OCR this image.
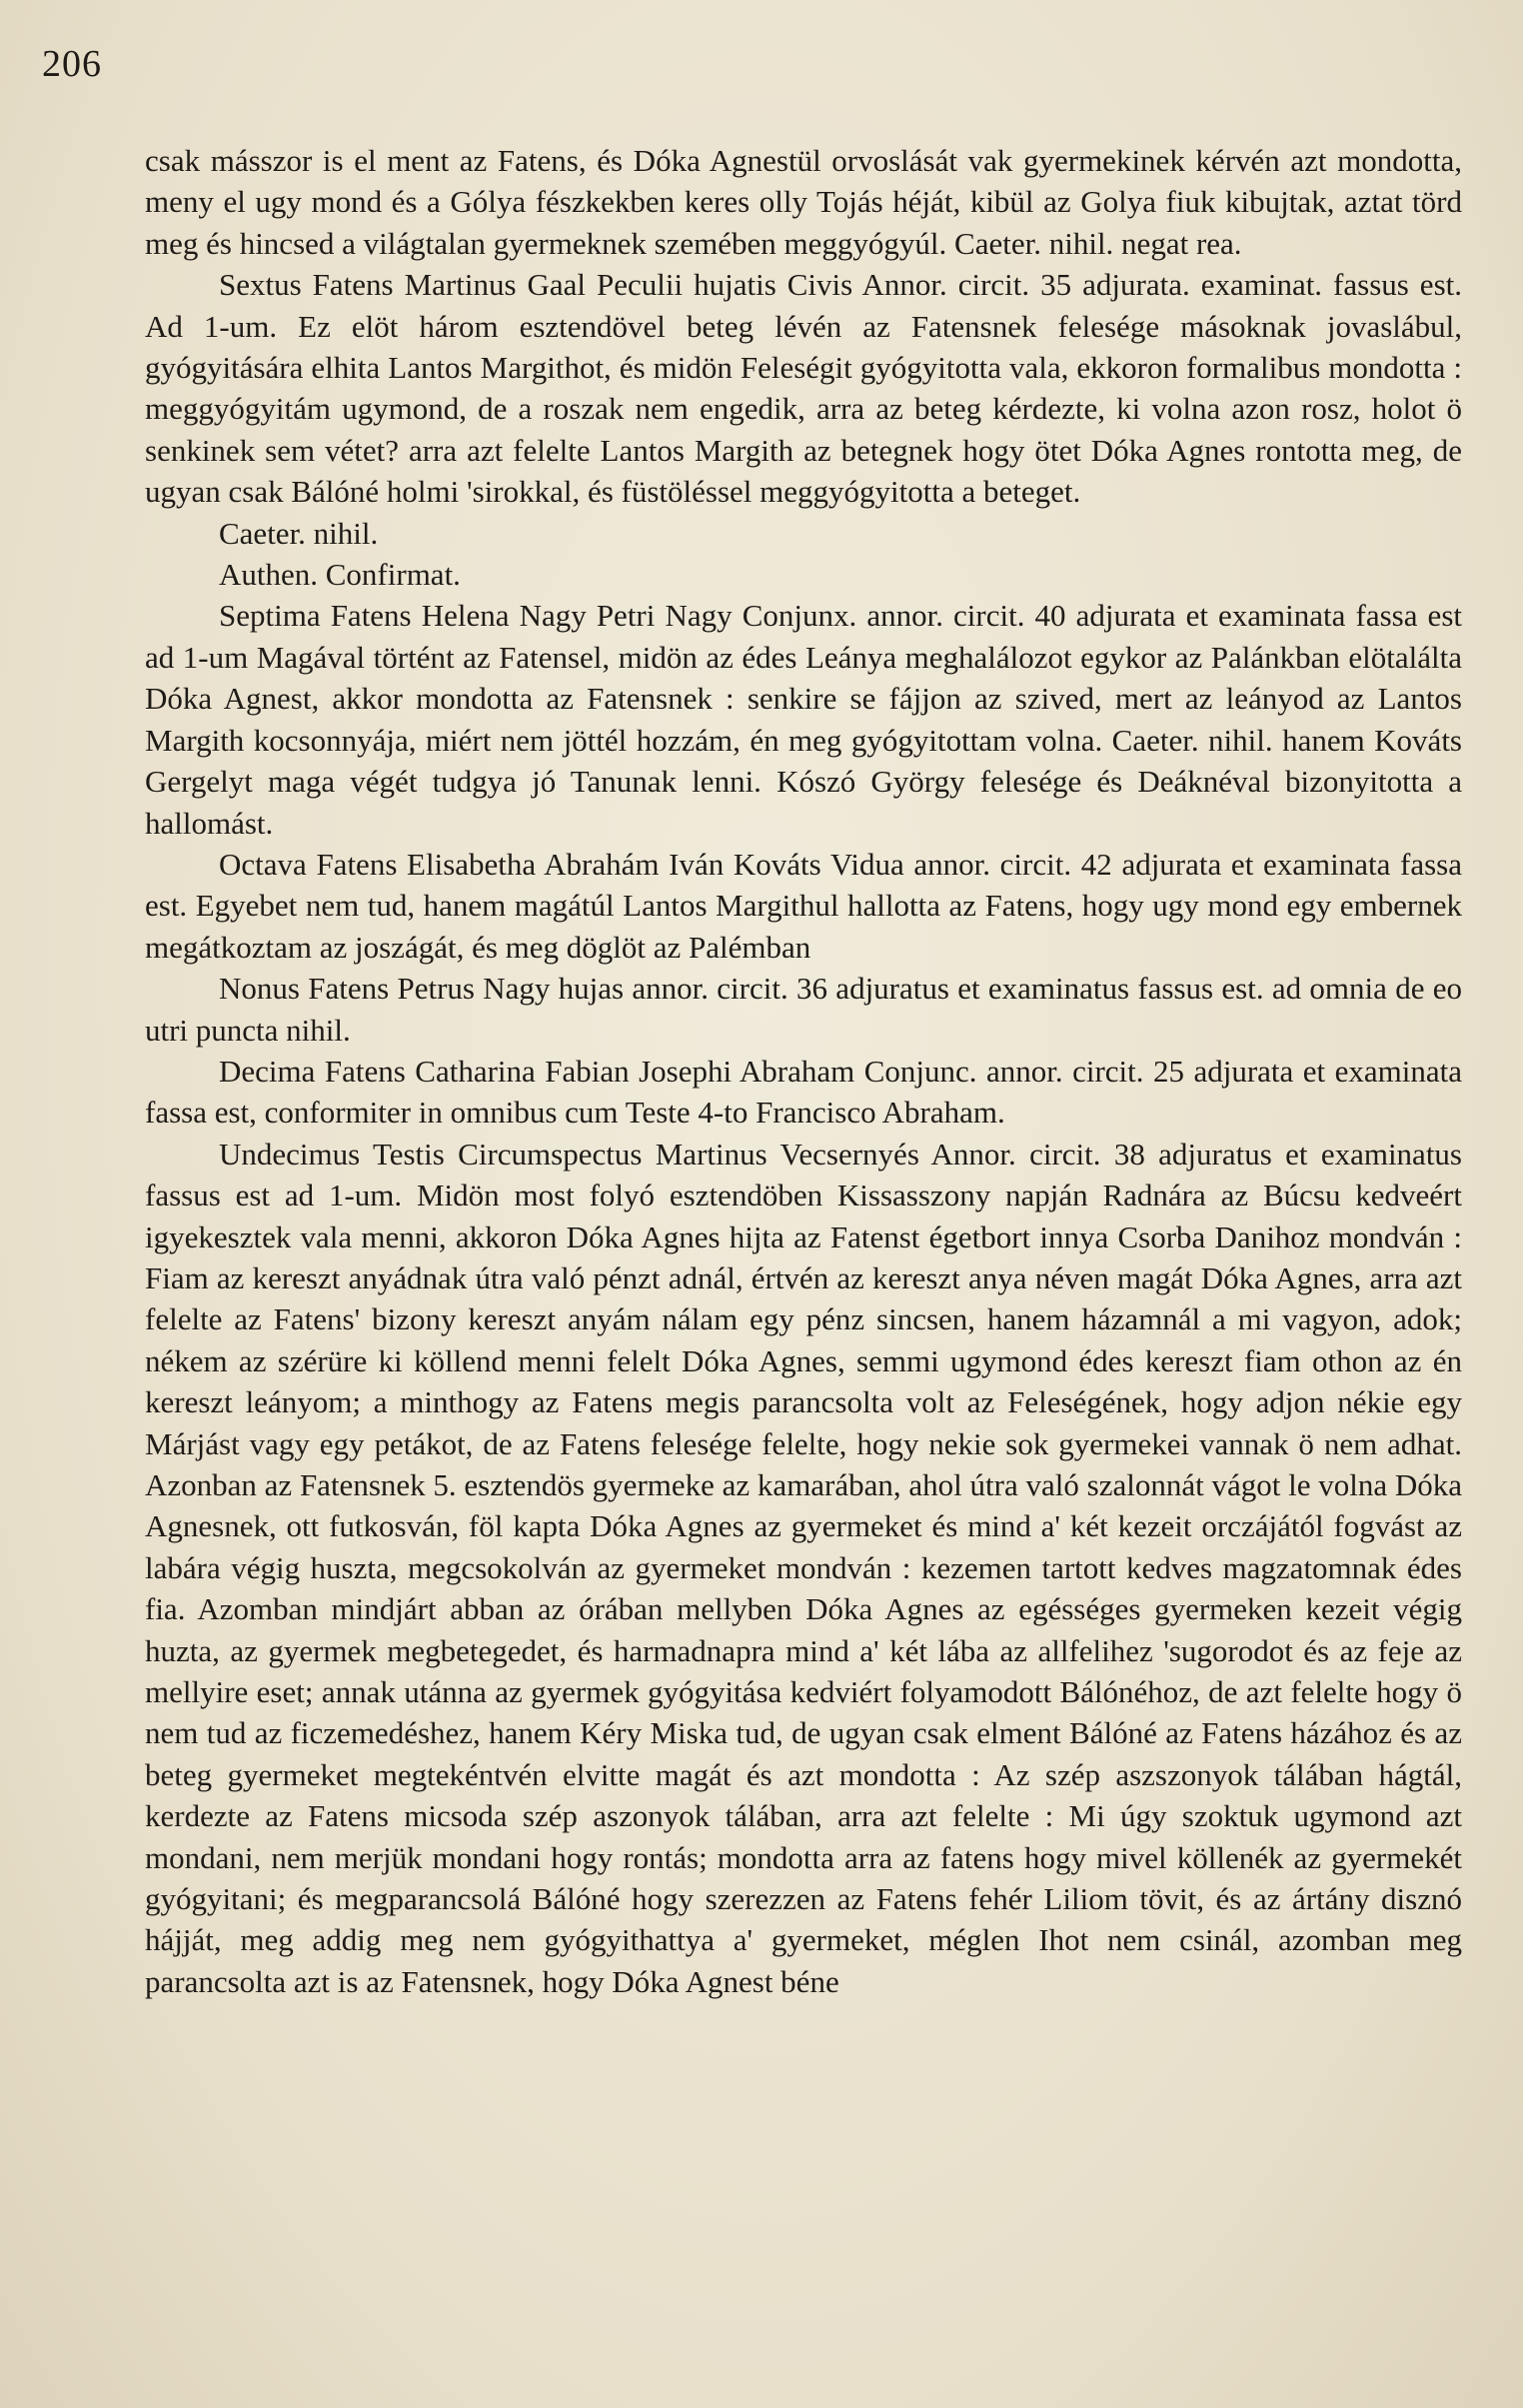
206

csak másszor is el ment az Fatens, és Dóka Agnestül orvoslását vak gyermekinek kérvén azt mondotta, meny el ugy mond és a Gólya fészkekben keres olly Tojás héját, kibül az Golya fiuk kibujtak, aztat törd meg és hincsed a világtalan gyermeknek szemében meggyógyúl. Caeter. nihil. negat rea.

Sextus Fatens Martinus Gaal Peculii hujatis Civis Annor. circit. 35 adjurata. examinat. fassus est. Ad 1-um. Ez elöt három esztendövel beteg lévén az Fatensnek felesége másoknak jovaslábul, gyógyitására elhita Lantos Margithot, és midön Feleségit gyógyitotta vala, ekkoron formalibus mondotta : meggyógyitám ugymond, de a roszak nem engedik, arra az beteg kérdezte, ki volna azon rosz, holot ö senkinek sem vétet? arra azt felelte Lantos Margith az betegnek hogy ötet Dóka Agnes rontotta meg, de ugyan csak Bálóné holmi 'sirokkal, és füstöléssel meggyógyitotta a beteget.

Caeter. nihil.

Authen. Confirmat.

Septima Fatens Helena Nagy Petri Nagy Conjunx. annor. circit. 40 adjurata et examinata fassa est ad 1-um Magával történt az Fatensel, midön az édes Leánya meghalálozot egykor az Palánkban elötalálta Dóka Agnest, akkor mondotta az Fatensnek : senkire se fájjon az szived, mert az leányod az Lantos Margith kocsonnyája, miért nem jöttél hozzám, én meg gyógyitottam volna. Caeter. nihil. hanem Kováts Gergelyt maga végét tudgya jó Tanunak lenni. Kószó György felesége és Deáknéval bizonyitotta a hallomást.

Octava Fatens Elisabetha Abrahám Iván Kováts Vidua annor. circit. 42 adjurata et examinata fassa est. Egyebet nem tud, hanem magátúl Lantos Margithul hallotta az Fatens, hogy ugy mond egy embernek megátkoztam az joszágát, és meg döglöt az Palémban

Nonus Fatens Petrus Nagy hujas annor. circit. 36 adjuratus et examinatus fassus est. ad omnia de eo utri puncta nihil.

Decima Fatens Catharina Fabian Josephi Abraham Conjunc. annor. circit. 25 adjurata et examinata fassa est, conformiter in omnibus cum Teste 4-to Francisco Abraham.

Undecimus Testis Circumspectus Martinus Vecsernyés Annor. circit. 38 adjuratus et examinatus fassus est ad 1-um. Midön most folyó esztendöben Kissasszony napján Radnára az Búcsu kedveért igyekesztek vala menni, akkoron Dóka Agnes hijta az Fatenst égetbort innya Csorba Danihoz mondván : Fiam az kereszt anyádnak útra való pénzt adnál, értvén az kereszt anya néven magát Dóka Agnes, arra azt felelte az Fatens' bizony kereszt anyám nálam egy pénz sincsen, hanem házamnál a mi vagyon, adok; nékem az szérüre ki köllend menni felelt Dóka Agnes, semmi ugymond édes kereszt fiam othon az én kereszt leányom; a minthogy az Fatens megis parancsolta volt az Feleségének, hogy adjon nékie egy Márjást vagy egy petákot, de az Fatens felesége felelte, hogy nekie sok gyermekei vannak ö nem adhat. Azonban az Fatensnek 5. esztendös gyermeke az kamarában, ahol útra való szalonnát vágot le volna Dóka Agnesnek, ott futkosván, föl kapta Dóka Agnes az gyermeket és mind a' két kezeit orczájától fogvást az labára végig huszta, megcsokolván az gyermeket mondván : kezemen tartott kedves magzatomnak édes fia. Azomban mindjárt abban az órában mellyben Dóka Agnes az egésséges gyermeken kezeit végig huzta, az gyermek megbetegedet, és harmadnapra mind a' két lába az allfelihez 'sugorodot és az feje az mellyire eset; annak utánna az gyermek gyógyitása kedviért folyamodott Bálónéhoz, de azt felelte hogy ö nem tud az ficzemedéshez, hanem Kéry Miska tud, de ugyan csak elment Bálóné az Fatens házához és az beteg gyermeket megtekéntvén elvitte magát és azt mondotta : Az szép aszszonyok tálában hágtál, kerdezte az Fatens micsoda szép aszonyok tálában, arra azt felelte : Mi úgy szoktuk ugymond azt mondani, nem merjük mondani hogy rontás; mondotta arra az fatens hogy mivel köllenék az gyermekét gyógyitani; és megparancsolá Bálóné hogy szerezzen az Fatens fehér Liliom tövit, és az ártány disznó hájját, meg addig meg nem gyógyithattya a' gyermeket, méglen Ihot nem csinál, azomban meg parancsolta azt is az Fatensnek, hogy Dóka Agnest béne
